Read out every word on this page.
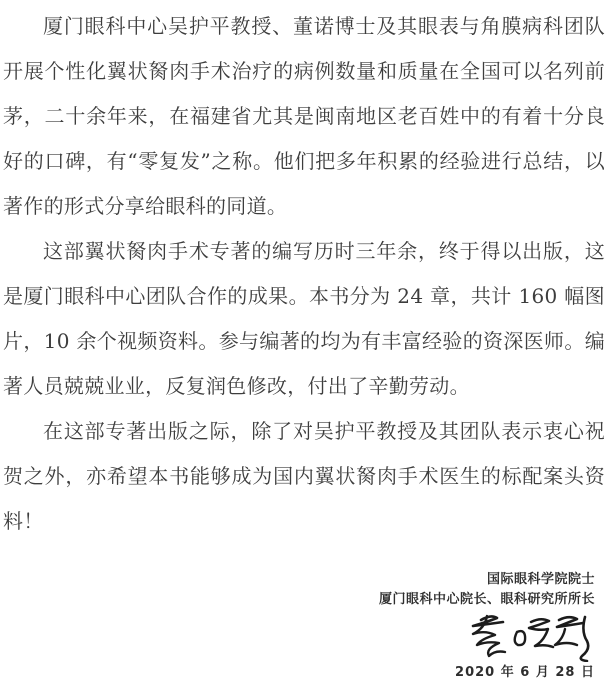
厦门眼科中心吴护平教授、董诺博士及其眼表与角膜病科团队开展个性化翼状胬肉手术治疗的病例数量和质量在全国可以名列前茅，二十余年来，在福建省尤其是闽南地区老百姓中的有着十分良好的口碑，有“零复发”之称。他们把多年积累的经验进行总结，以著作的形式分享给眼科的同道。

这部翼状胬肉手术专著的编写历时三年余，终于得以出版，这是厦门眼科中心团队合作的成果。本书分为 24 章，共计 160 幅图片，10 余个视频资料。参与编著的均为有丰富经验的资深医师。编著人员兢兢业业，反复润色修改，付出了辛勤劳动。

在这部专著出版之际，除了对吴护平教授及其团队表示衷心祝贺之外，亦希望本书能够成为国内翼状胬肉手术医生的标配案头资料！

国际眼科学院院士
厦门眼科中心院长、眼科研究所所长
2020 年 6 月 28 日
